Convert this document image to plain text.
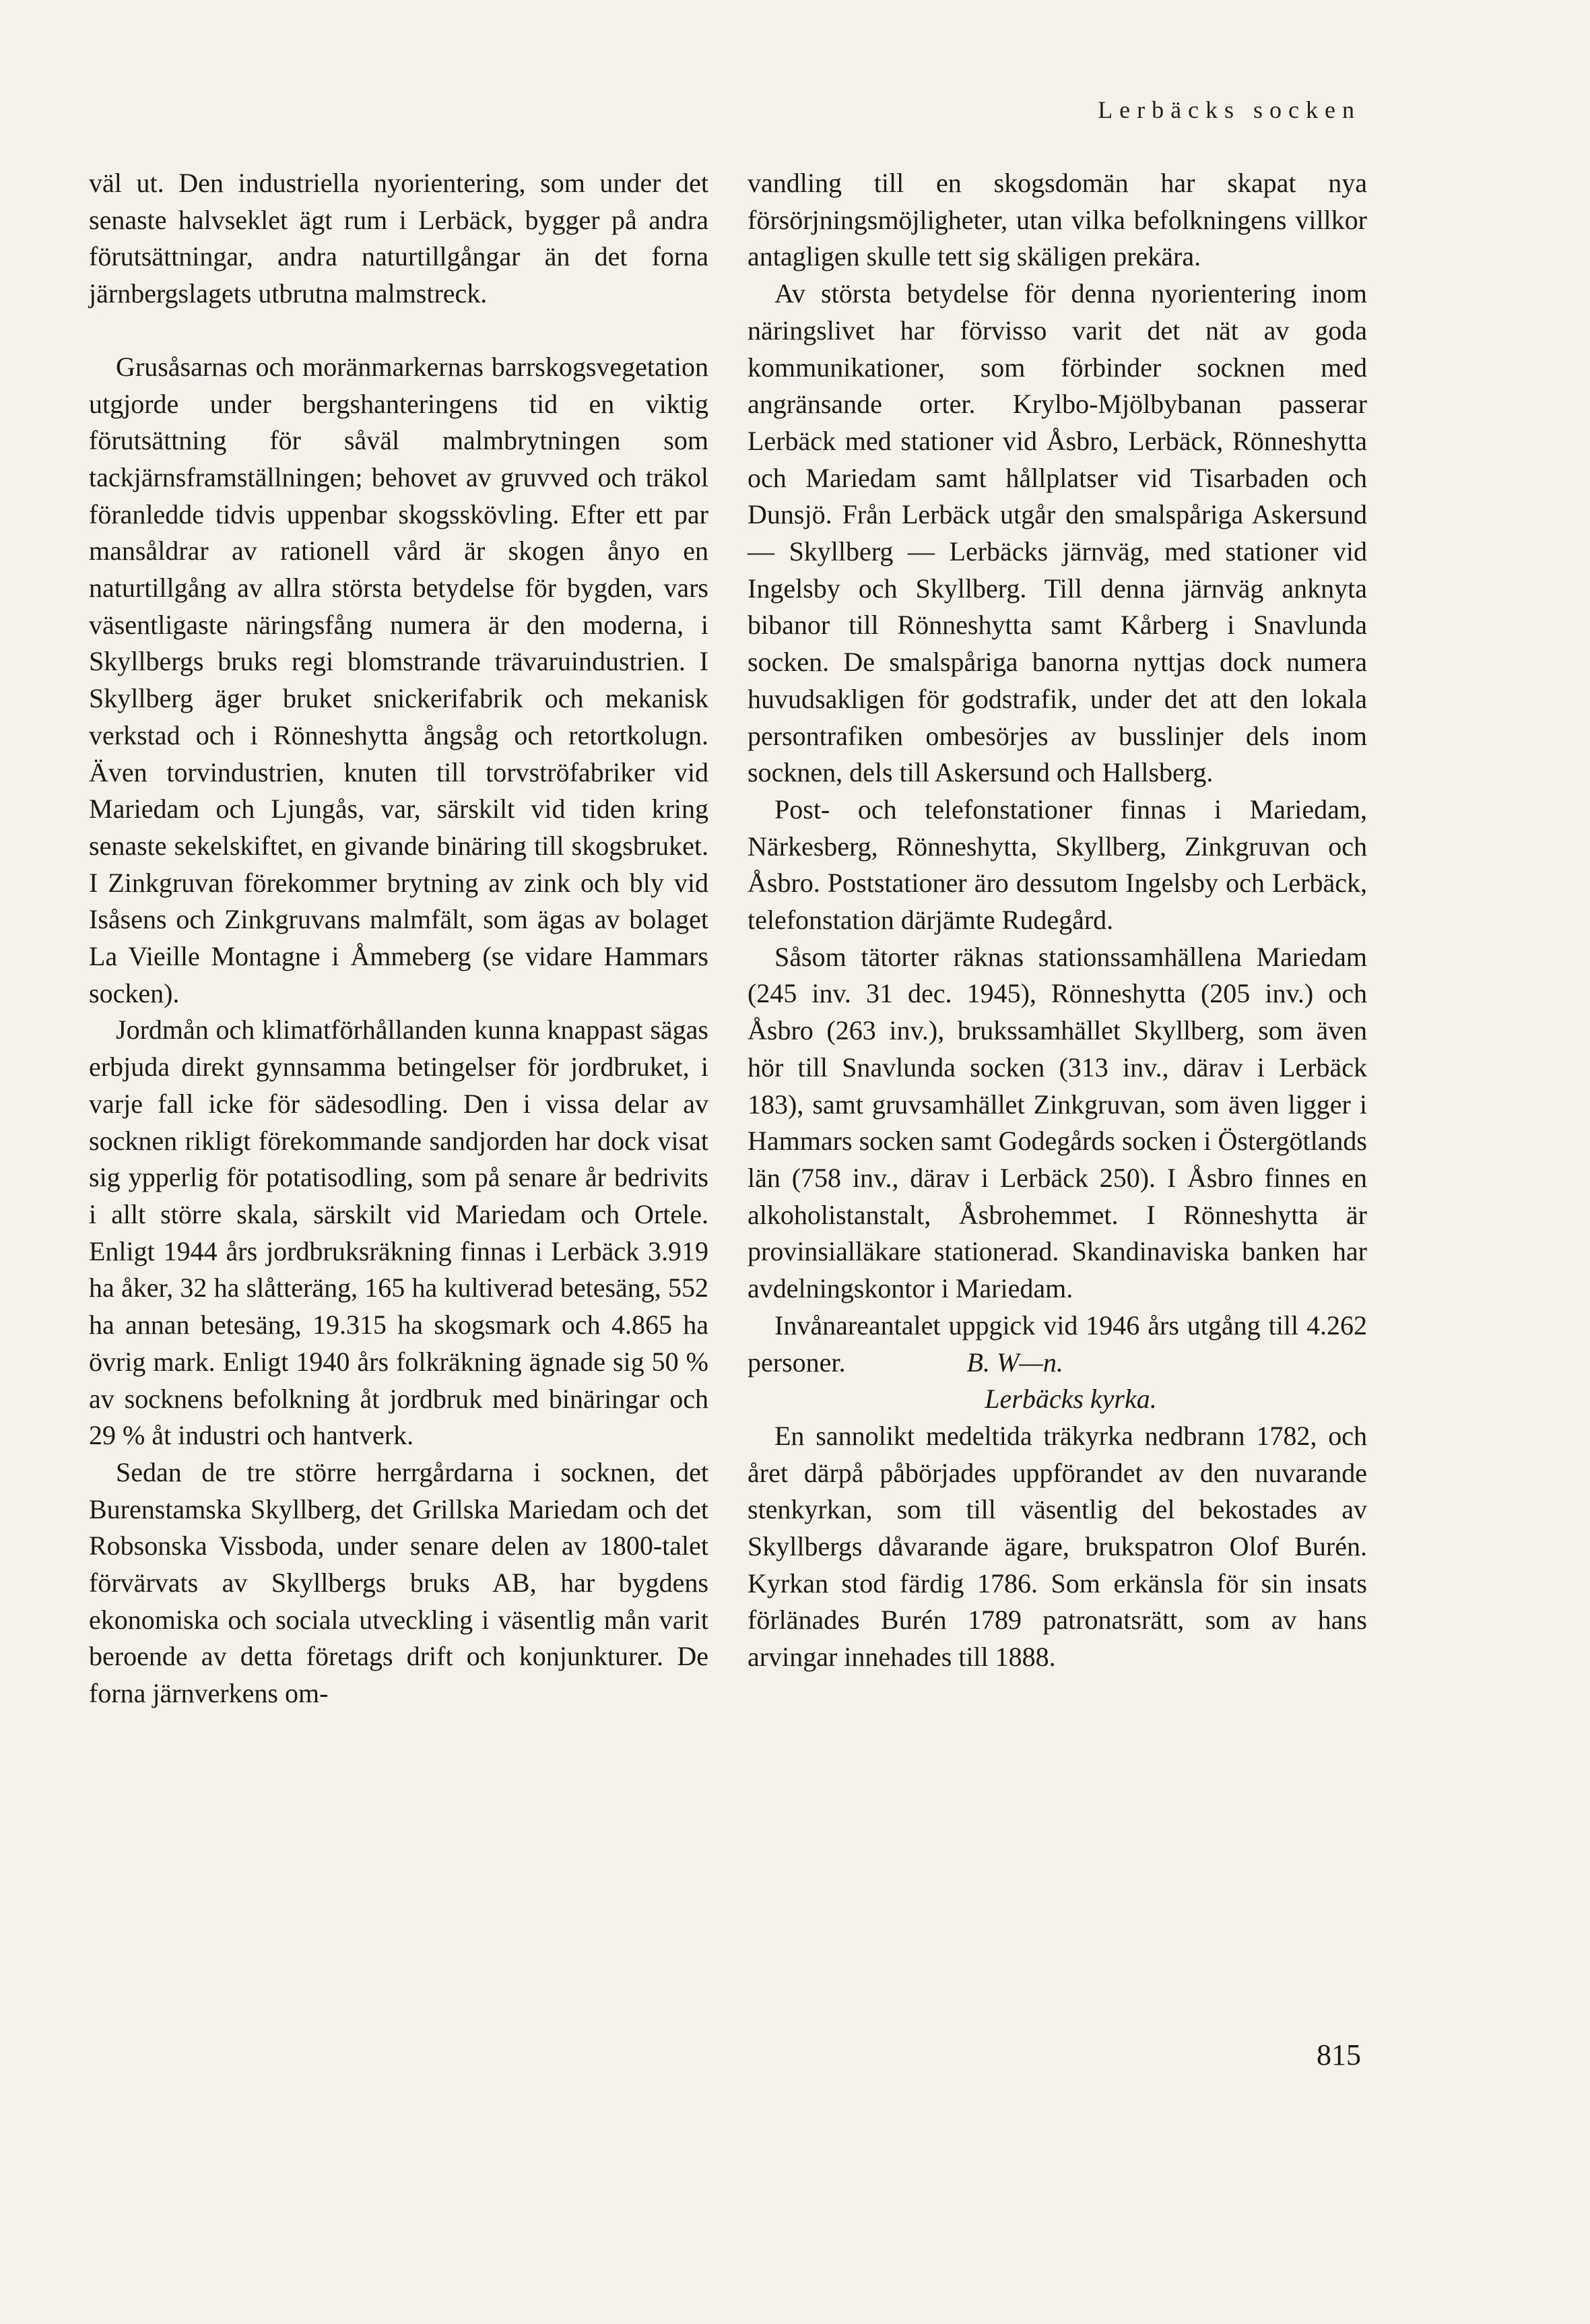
Lerbäcks socken

väl ut. Den industriella nyorientering, som under det senaste halvseklet ägt rum i Lerbäck, bygger på andra förutsättningar, andra naturtillgångar än det forna järnbergslagets utbrutna malmstreck.

Grusåsarnas och moränmarkernas barrskogsvegetation utgjorde under bergshanteringens tid en viktig förutsättning för såväl malmbrytningen som tackjärnsframställningen; behovet av gruvved och träkol föranledde tidvis uppenbar skogsskövling. Efter ett par mansåldrar av rationell vård är skogen ånyo en naturtillgång av allra största betydelse för bygden, vars väsentligaste näringsfång numera är den moderna, i Skyllbergs bruks regi blomstrande trävaruindustrien. I Skyllberg äger bruket snickerifabrik och mekanisk verkstad och i Rönneshytta ångsåg och retortkolugn. Även torvindustrien, knuten till torvströfabriker vid Mariedam och Ljungås, var, särskilt vid tiden kring senaste sekelskiftet, en givande binäring till skogsbruket. I Zinkgruvan förekommer brytning av zink och bly vid Isåsens och Zinkgruvans malmfält, som ägas av bolaget La Vieille Montagne i Åmmeberg (se vidare Hammars socken).

Jordmån och klimatförhållanden kunna knappast sägas erbjuda direkt gynnsamma betingelser för jordbruket, i varje fall icke för sädesodling. Den i vissa delar av socknen rikligt förekommande sandjorden har dock visat sig ypperlig för potatisodling, som på senare år bedrivits i allt större skala, särskilt vid Mariedam och Ortele. Enligt 1944 års jordbruksräkning finnas i Lerbäck 3.919 ha åker, 32 ha slåtteräng, 165 ha kultiverad betesäng, 552 ha annan betesäng, 19.315 ha skogsmark och 4.865 ha övrig mark. Enligt 1940 års folkräkning ägnade sig 50 % av socknens befolkning åt jordbruk med binäringar och 29 % åt industri och hantverk.

Sedan de tre större herrgårdarna i socknen, det Burenstamska Skyllberg, det Grillska Mariedam och det Robsonska Vissboda, under senare delen av 1800-talet förvärvats av Skyllbergs bruks AB, har bygdens ekonomiska och sociala utveckling i väsentlig mån varit beroende av detta företags drift och konjunkturer. De forna järnverkens om-

vandling till en skogsdomän har skapat nya försörjningsmöjligheter, utan vilka befolkningens villkor antagligen skulle tett sig skäligen prekära.

Av största betydelse för denna nyorientering inom näringslivet har förvisso varit det nät av goda kommunikationer, som förbinder socknen med angränsande orter. Krylbo-Mjölbybanan passerar Lerbäck med stationer vid Åsbro, Lerbäck, Rönneshytta och Mariedam samt hållplatser vid Tisarbaden och Dunsjö. Från Lerbäck utgår den smalspåriga Askersund — Skyllberg — Lerbäcks järnväg, med stationer vid Ingelsby och Skyllberg. Till denna järnväg anknyta bibanor till Rönneshytta samt Kårberg i Snavlunda socken. De smalspåriga banorna nyttjas dock numera huvudsakligen för godstrafik, under det att den lokala persontrafiken ombesörjes av busslinjer dels inom socknen, dels till Askersund och Hallsberg.

Post- och telefonstationer finnas i Mariedam, Närkesberg, Rönneshytta, Skyllberg, Zinkgruvan och Åsbro. Poststationer äro dessutom Ingelsby och Lerbäck, telefonstation därjämte Rudegård.

Såsom tätorter räknas stationssamhällena Mariedam (245 inv. 31 dec. 1945), Rönneshytta (205 inv.) och Åsbro (263 inv.), brukssamhället Skyllberg, som även hör till Snavlunda socken (313 inv., därav i Lerbäck 183), samt gruvsamhället Zinkgruvan, som även ligger i Hammars socken samt Godegårds socken i Östergötlands län (758 inv., därav i Lerbäck 250). I Åsbro finnes en alkoholistanstalt, Åsbrohemmet. I Rönneshytta är provinsialläkare stationerad. Skandinaviska banken har avdelningskontor i Mariedam.

Invånareantalet uppgick vid 1946 års utgång till 4.262 personer.	B. W—n.

Lerbäcks kyrka.

En sannolikt medeltida träkyrka nedbrann 1782, och året därpå påbörjades uppförandet av den nuvarande stenkyrkan, som till väsentlig del bekostades av Skyllbergs dåvarande ägare, brukspatron Olof Burén. Kyrkan stod färdig 1786. Som erkänsla för sin insats förlänades Burén 1789 patronatsrätt, som av hans arvingar innehades till 1888.

815
